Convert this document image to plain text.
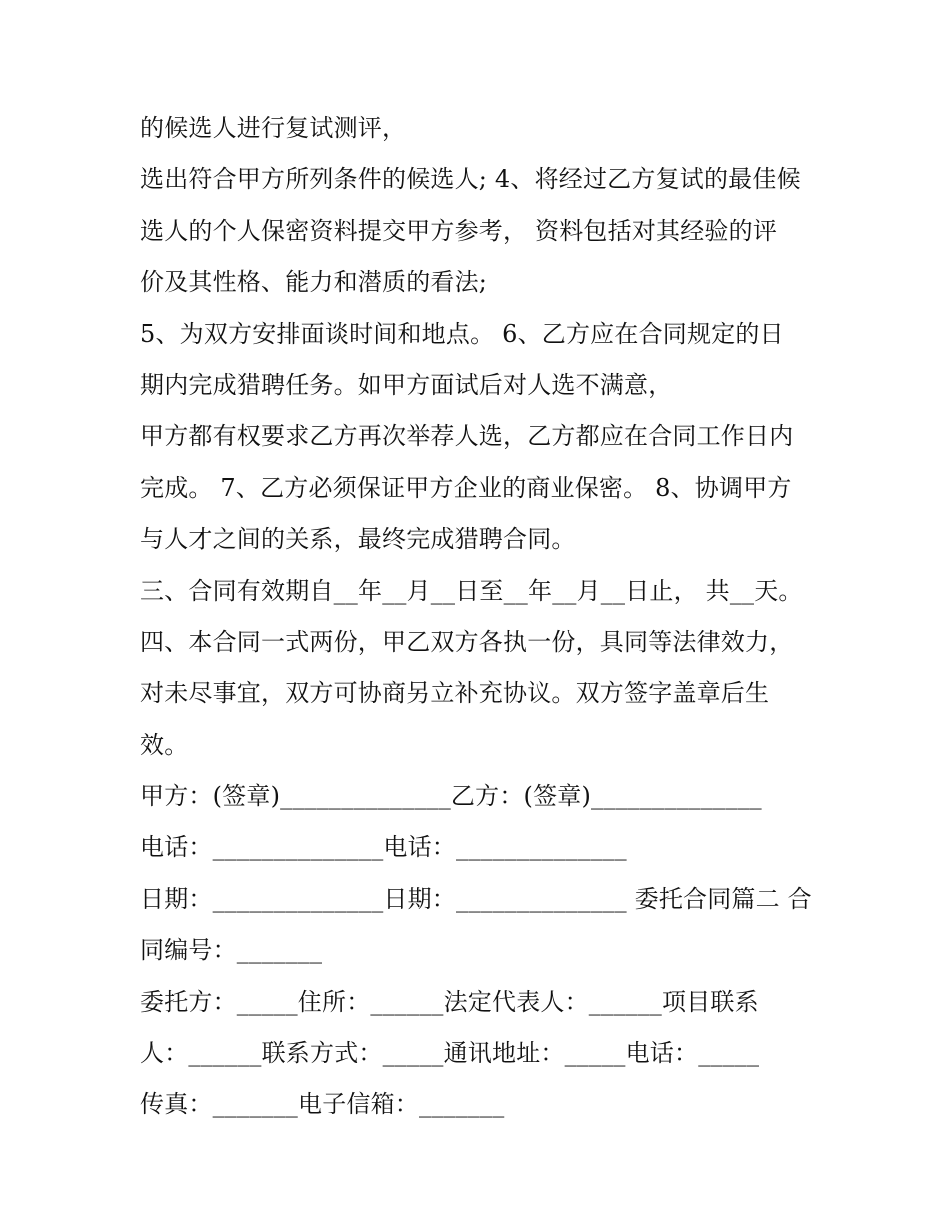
的候选人进行复试测评，
选出符合甲方所列条件的候选人; 4、将经过乙方复试的最佳候
选人的个人保密资料提交甲方参考， 资料包括对其经验的评
价及其性格、能力和潜质的看法;
5、为双方安排面谈时间和地点。 6、乙方应在合同规定的日
期内完成猎聘任务。如甲方面试后对人选不满意，
甲方都有权要求乙方再次举荐人选，乙方都应在合同工作日内
完成。 7、乙方必须保证甲方企业的商业保密。 8、协调甲方
与人才之间的关系，最终完成猎聘合同。
三、合同有效期自__年__月__日至__年__月__日止， 共__天。
四、本合同一式两份，甲乙双方各执一份，具同等法律效力，
对未尽事宜，双方可协商另立补充协议。双方签字盖章后生
效。
甲方：(签章)______________乙方：(签章)______________
电话：______________电话：______________
日期：______________日期：______________ 委托合同篇二 合
同编号：_______
委托方：_____住所：______法定代表人：______项目联系
人：______联系方式：_____通讯地址：_____电话：_____
传真：_______电子信箱：_______
